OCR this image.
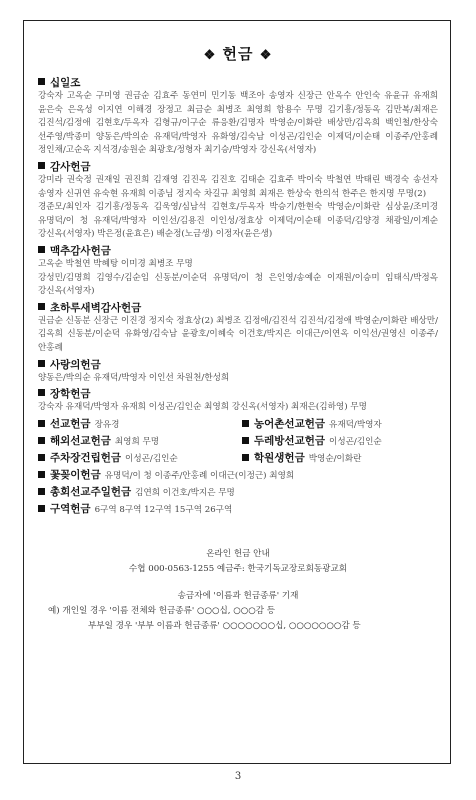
❖ 헌금 ❖
십일조
강숙자 고옥순 구미영 권금순 김효주 동연미 민기동 백조아 송영자 신장근 안옥수 안인숙 유윤규 유재희 윤은숙 은옥성 이지연 이해경 장정고 최금순 최병조 최영희 함용수 무명 김기흥/정동옥 김만복/최재은 김진석/김정애 김현호/두옥자 김형규/이구순 류응환/김명자 박영순/이화란 배상만/김옥희 백인철/한상숙 선주영/박종미 양동은/박의순 유재덕/박영자 유화영/김숙남 이성곤/김인순 이제덕/이순태 이종주/안홍례 정인채/고순옥 지석경/송원순 최광호/정형자 최기승/박영자 강신옥(서영자)
감사헌금
강미라 권숙정 권재일 권진희 김재영 김진옥 김진호 김태순 김효주 박이숙 박철연 박태린 백경숙 송선자 송영자 신귀연 유숙현 유재희 이종님 정지숙 차길규 최영희 최재은 한상숙 한의석 한주은 한지명 무명(2)
경준모/최인자 김기흥/정동옥 김욱영/심남석 김현호/두옥자 박승기/한현숙 박영순/이화란 심상윤/조미경 유명덕/이 청 유재덕/박영자 이인선/김용진 이인성/정효상 이제덕/이순태 이종덕/김양경 채광일/이계순 강신옥(서영자) 박은정(윤효은) 배순정(노금생) 이정자(윤은생)
맥추감사헌금
고옥순 박철연 박혜탕 이미경 최병조 무명
강성민/김명희 김영수/김순임 신동분/이순덕 유명덕/이 청 은인영/송예순 이재원/이승미 임태식/박정옥 강신옥(서영자)
초하루새벽감사헌금
권금순 신동분 신장근 이진경 정지숙 정효상(2) 최병조 김정애/김진석 김진석/김정애 박영순/이화란 배상만/김옥희 신동분/이순덕 유화영/김숙남 윤광호/이혜숙 이건호/박지은 이대근/이연옥 이익선/권영신 이종주/안홍례
사랑의헌금
양동은/박의순 유재덕/박영자 이인선 차원천/한성희
장학헌금
강숙자 유재덕/박영자 유재희 이성곤/김인순 최영희 강신옥(서영자) 최재은(김하영) 무명
선교헌금 장유경	농어촌선교헌금 유재덕/박영자
해외선교헌금 최영희 무명	두레방선교헌금 이성곤/김인순
주차장건립헌금 이성곤/김인순	학원생헌금 박영순/이화란
꽃꽂이헌금 유명덕/이 청 이종주/안홍례 이대근(이정근) 최영희
총회선교주일헌금 김연희 이건호/박지은 무명
구역헌금 6구역 8구역 12구역 15구역 26구역
온라인 헌금 안내
수협 000-0563-1255 예금주: 한국기독교장로회동광교회
송금자에 '이름과 헌금종류' 기재
예) 개인일 경우 '이름 전체와 헌금종류' ○○○십, ○○○감 등
부부일 경우 '부부 이름과 헌금종류' ○○○○○○○십, ○○○○○○○감 등
3
